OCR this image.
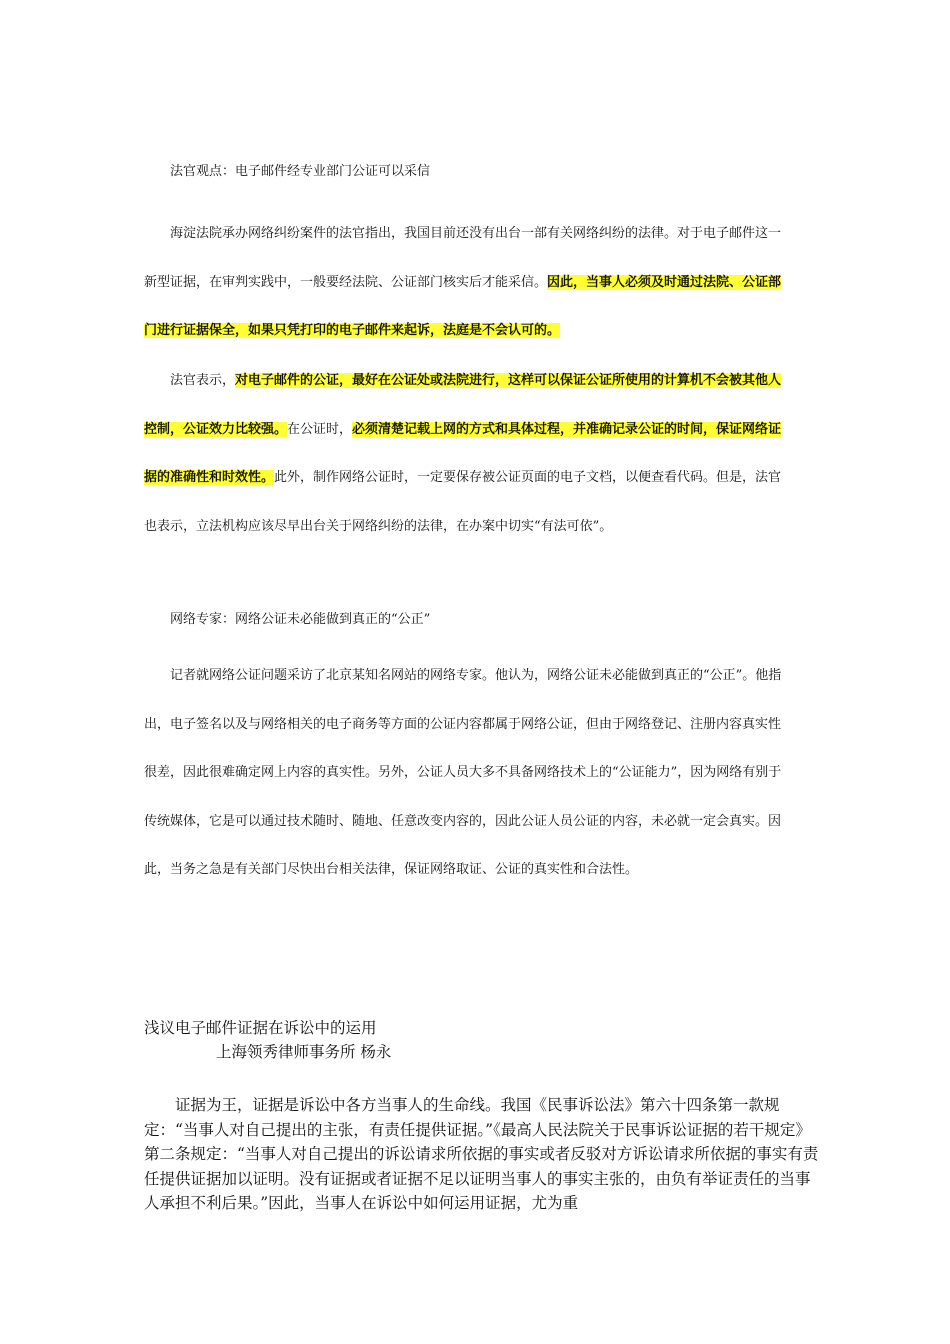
法官观点：电子邮件经专业部门公证可以采信

海淀法院承办网络纠纷案件的法官指出，我国目前还没有出台一部有关网络纠纷的法律。对于电子邮件这一新型证据，在审判实践中，一般要经法院、公证部门核实后才能采信。因此，当事人必须及时通过法院、公证部门进行证据保全，如果只凭打印的电子邮件来起诉，法庭是不会认可的。

法官表示，对电子邮件的公证，最好在公证处或法院进行，这样可以保证公证所使用的计算机不会被其他人控制，公证效力比较强。在公证时，必须清楚记载上网的方式和具体过程，并准确记录公证的时间，保证网络证据的准确性和时效性。此外，制作网络公证时，一定要保存被公证页面的电子文档，以便查看代码。但是，法官也表示，立法机构应该尽早出台关于网络纠纷的法律，在办案中切实“有法可依”。

网络专家：网络公证未必能做到真正的“公正”

记者就网络公证问题采访了北京某知名网站的网络专家。他认为，网络公证未必能做到真正的“公正”。他指出，电子签名以及与网络相关的电子商务等方面的公证内容都属于网络公证，但由于网络登记、注册内容真实性很差，因此很难确定网上内容的真实性。另外，公证人员大多不具备网络技术上的“公证能力”，因为网络有别于传统媒体，它是可以通过技术随时、随地、任意改变内容的，因此公证人员公证的内容，未必就一定会真实。因此，当务之急是有关部门尽快出台相关法律，保证网络取证、公证的真实性和合法性。

浅议电子邮件证据在诉讼中的运用

上海领秀律师事务所 杨永

证据为王，证据是诉讼中各方当事人的生命线。我国《民事诉讼法》第六十四条第一款规定：“当事人对自己提出的主张，有责任提供证据。”《最高人民法院关于民事诉讼证据的若干规定》第二条规定：“当事人对自己提出的诉讼请求所依据的事实或者反驳对方诉讼请求所依据的事实有责任提供证据加以证明。没有证据或者证据不足以证明当事人的事实主张的，由负有举证责任的当事人承担不利后果。”因此，当事人在诉讼中如何运用证据，尤为重
